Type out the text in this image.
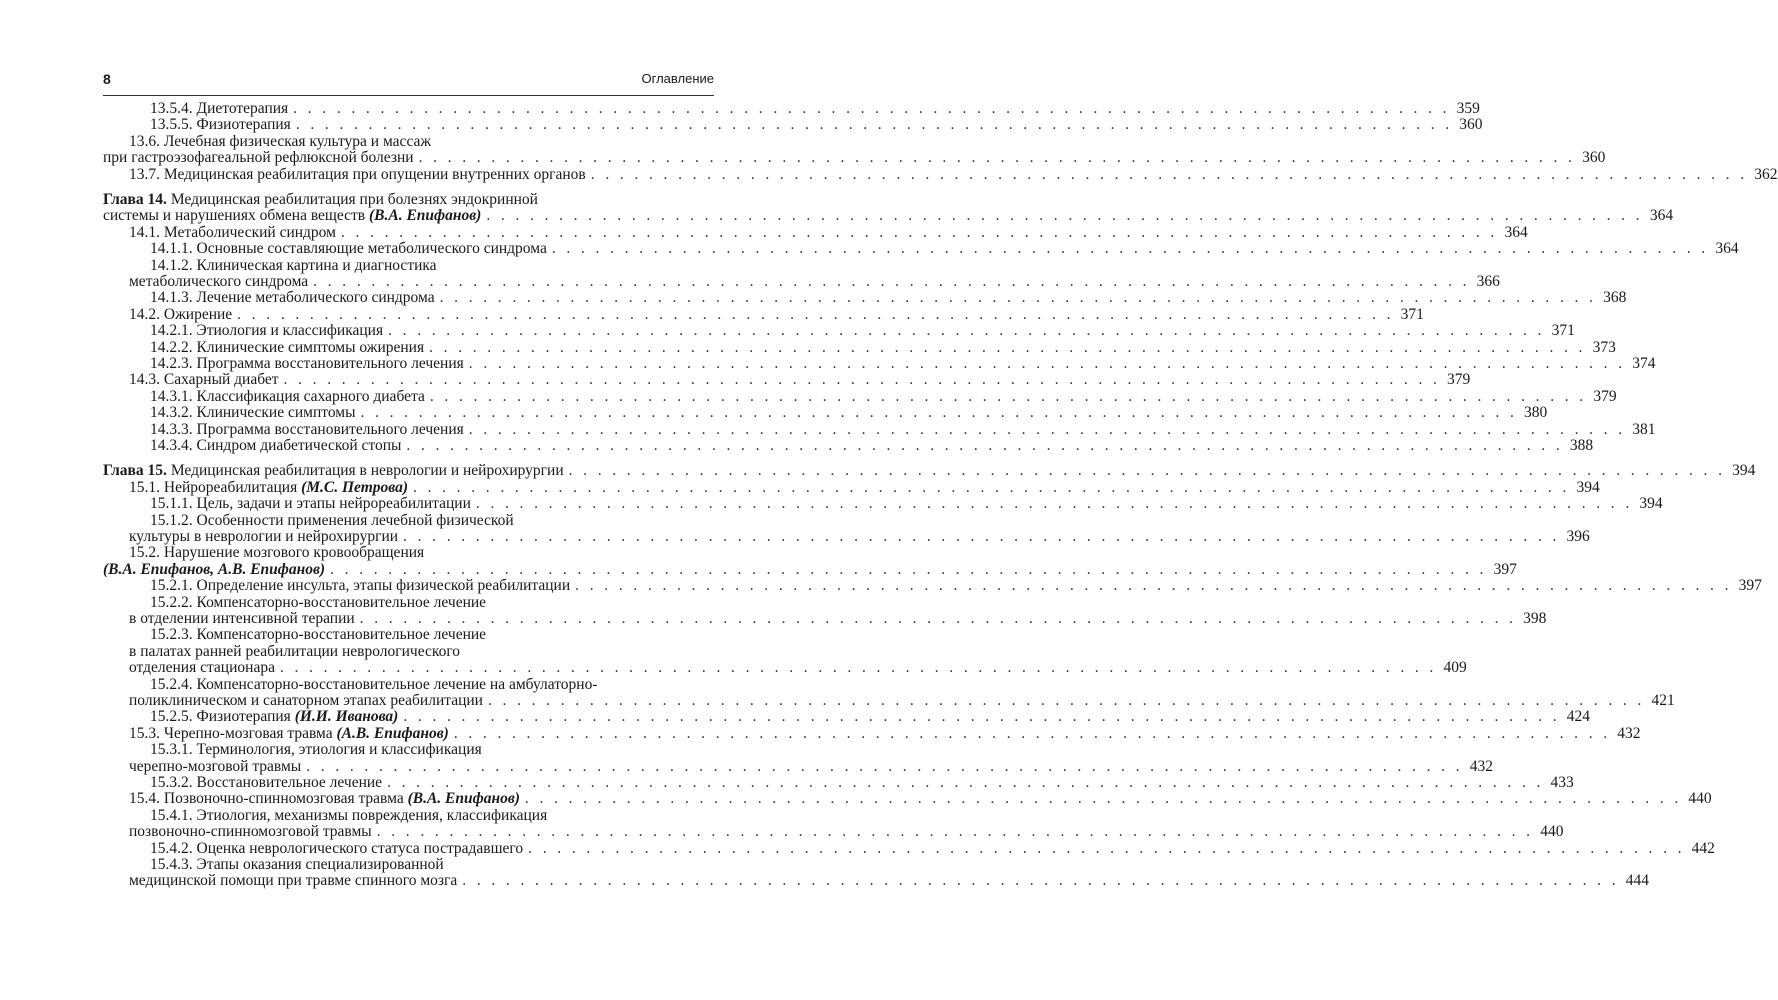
8	Оглавление
13.5.4. Диетотерапия . . . . . . . . . . . . . . . . . . . . . . . . . . . . . . . . . . . . . . . . . . . . . . . . . . . . . . . . . . . . . . . . . . . . . . . . . . . . . . . . 359
13.5.5. Физиотерапия . . . . . . . . . . . . . . . . . . . . . . . . . . . . . . . . . . . . . . . . . . . . . . . . . . . . . . . . . . . . . . . . . . . . . . . . . . . . . . . . 360
13.6. Лечебная физическая культура и массаж
при гастроэзофагеальной рефлюксной болезни . . . . . . . . . . . . . . . . . . . . . . . . . . . . . . . . . . . . . . . . . . . . . . . . . . . . . . . . . . . . . . . . . . . . . . . . . . . . . . . . 360
13.7. Медицинская реабилитация при опущении внутренних органов . . . . . . . . . . . . . . . . . . . . . . . . . . . . . . . . . . . . . . . . . . . . . . . . . . . . . . . . . . . . . . . . . . . . . . . . . . . . . . . . 362
Глава 14. Медицинская реабилитация при болезнях эндокринной
системы и нарушениях обмена веществ (В.А. Епифанов) . . . . . . . . . . . . . . . . . . . . . . . . . . . . . . . . . . . . . . . . . . . . . . . . . . . . . . . . . . . . . . . . . . . . . . . . . . . . . . . . 364
14.1. Метаболический синдром . . . . . . . . . . . . . . . . . . . . . . . . . . . . . . . . . . . . . . . . . . . . . . . . . . . . . . . . . . . . . . . . . . . . . . . . . . . . . . . . 364
14.1.1. Основные составляющие метаболического синдрома . . . . . . . . . . . . . . . . . . . . . . . . . . . . . . . . . . . . . . . . . . . . . . . . . . . . . . . . . . . . . . . . . . . . . . . . . . . . . . . . 364
14.1.2. Клиническая картина и диагностика
метаболического синдрома . . . . . . . . . . . . . . . . . . . . . . . . . . . . . . . . . . . . . . . . . . . . . . . . . . . . . . . . . . . . . . . . . . . . . . . . . . . . . . . . 366
14.1.3. Лечение метаболического синдрома . . . . . . . . . . . . . . . . . . . . . . . . . . . . . . . . . . . . . . . . . . . . . . . . . . . . . . . . . . . . . . . . . . . . . . . . . . . . . . . . 368
14.2. Ожирение . . . . . . . . . . . . . . . . . . . . . . . . . . . . . . . . . . . . . . . . . . . . . . . . . . . . . . . . . . . . . . . . . . . . . . . . . . . . . . . . 371
14.2.1. Этиология и классификация . . . . . . . . . . . . . . . . . . . . . . . . . . . . . . . . . . . . . . . . . . . . . . . . . . . . . . . . . . . . . . . . . . . . . . . . . . . . . . . . 371
14.2.2. Клинические симптомы ожирения . . . . . . . . . . . . . . . . . . . . . . . . . . . . . . . . . . . . . . . . . . . . . . . . . . . . . . . . . . . . . . . . . . . . . . . . . . . . . . . . 373
14.2.3. Программа восстановительного лечения . . . . . . . . . . . . . . . . . . . . . . . . . . . . . . . . . . . . . . . . . . . . . . . . . . . . . . . . . . . . . . . . . . . . . . . . . . . . . . . . 374
14.3. Сахарный диабет . . . . . . . . . . . . . . . . . . . . . . . . . . . . . . . . . . . . . . . . . . . . . . . . . . . . . . . . . . . . . . . . . . . . . . . . . . . . . . . . 379
14.3.1. Классификация сахарного диабета . . . . . . . . . . . . . . . . . . . . . . . . . . . . . . . . . . . . . . . . . . . . . . . . . . . . . . . . . . . . . . . . . . . . . . . . . . . . . . . . 379
14.3.2. Клинические симптомы . . . . . . . . . . . . . . . . . . . . . . . . . . . . . . . . . . . . . . . . . . . . . . . . . . . . . . . . . . . . . . . . . . . . . . . . . . . . . . . . 380
14.3.3. Программа восстановительного лечения . . . . . . . . . . . . . . . . . . . . . . . . . . . . . . . . . . . . . . . . . . . . . . . . . . . . . . . . . . . . . . . . . . . . . . . . . . . . . . . . 381
14.3.4. Синдром диабетической стопы . . . . . . . . . . . . . . . . . . . . . . . . . . . . . . . . . . . . . . . . . . . . . . . . . . . . . . . . . . . . . . . . . . . . . . . . . . . . . . . . 388
Глава 15. Медицинская реабилитация в неврологии и нейрохирургии . . . . . . . . . . . . . . . . . . . . . . . . . . . . . . . . . . . . . . . . . . . . . . . . . . . . . . . . . . . . . . . . . . . . . . . . . . . . . . . . 394
15.1. Нейрореабилитация (М.С. Петрова) . . . . . . . . . . . . . . . . . . . . . . . . . . . . . . . . . . . . . . . . . . . . . . . . . . . . . . . . . . . . . . . . . . . . . . . . . . . . . . . . 394
15.1.1. Цель, задачи и этапы нейрореабилитации . . . . . . . . . . . . . . . . . . . . . . . . . . . . . . . . . . . . . . . . . . . . . . . . . . . . . . . . . . . . . . . . . . . . . . . . . . . . . . . . 394
15.1.2. Особенности применения лечебной физической
культуры в неврологии и нейрохирургии . . . . . . . . . . . . . . . . . . . . . . . . . . . . . . . . . . . . . . . . . . . . . . . . . . . . . . . . . . . . . . . . . . . . . . . . . . . . . . . . 396
15.2. Нарушение мозгового кровообращения
(В.А. Епифанов, А.В. Епифанов) . . . . . . . . . . . . . . . . . . . . . . . . . . . . . . . . . . . . . . . . . . . . . . . . . . . . . . . . . . . . . . . . . . . . . . . . . . . . . . . . 397
15.2.1. Определение инсульта, этапы физической реабилитации . . . . . . . . . . . . . . . . . . . . . . . . . . . . . . . . . . . . . . . . . . . . . . . . . . . . . . . . . . . . . . . . . . . . . . . . . . . . . . . . 397
15.2.2. Компенсаторно-восстановительное лечение
в отделении интенсивной терапии . . . . . . . . . . . . . . . . . . . . . . . . . . . . . . . . . . . . . . . . . . . . . . . . . . . . . . . . . . . . . . . . . . . . . . . . . . . . . . . . 398
15.2.3. Компенсаторно-восстановительное лечение
в палатах ранней реабилитации неврологического
отделения стационара . . . . . . . . . . . . . . . . . . . . . . . . . . . . . . . . . . . . . . . . . . . . . . . . . . . . . . . . . . . . . . . . . . . . . . . . . . . . . . . . 409
15.2.4. Компенсаторно-восстановительное лечение на амбулаторно-
поликлиническом и санаторном этапах реабилитации . . . . . . . . . . . . . . . . . . . . . . . . . . . . . . . . . . . . . . . . . . . . . . . . . . . . . . . . . . . . . . . . . . . . . . . . . . . . . . . . 421
15.2.5. Физиотерапия (И.И. Иванова) . . . . . . . . . . . . . . . . . . . . . . . . . . . . . . . . . . . . . . . . . . . . . . . . . . . . . . . . . . . . . . . . . . . . . . . . . . . . . . . . 424
15.3. Черепно-мозговая травма (А.В. Епифанов) . . . . . . . . . . . . . . . . . . . . . . . . . . . . . . . . . . . . . . . . . . . . . . . . . . . . . . . . . . . . . . . . . . . . . . . . . . . . . . . . 432
15.3.1. Терминология, этиология и классификация
черепно-мозговой травмы . . . . . . . . . . . . . . . . . . . . . . . . . . . . . . . . . . . . . . . . . . . . . . . . . . . . . . . . . . . . . . . . . . . . . . . . . . . . . . . . 432
15.3.2. Восстановительное лечение . . . . . . . . . . . . . . . . . . . . . . . . . . . . . . . . . . . . . . . . . . . . . . . . . . . . . . . . . . . . . . . . . . . . . . . . . . . . . . . . 433
15.4. Позвоночно-спинномозговая травма (В.А. Епифанов) . . . . . . . . . . . . . . . . . . . . . . . . . . . . . . . . . . . . . . . . . . . . . . . . . . . . . . . . . . . . . . . . . . . . . . . . . . . . . . . . 440
15.4.1. Этиология, механизмы повреждения, классификация
позвоночно-спинномозговой травмы . . . . . . . . . . . . . . . . . . . . . . . . . . . . . . . . . . . . . . . . . . . . . . . . . . . . . . . . . . . . . . . . . . . . . . . . . . . . . . . . 440
15.4.2. Оценка неврологического статуса пострадавшего . . . . . . . . . . . . . . . . . . . . . . . . . . . . . . . . . . . . . . . . . . . . . . . . . . . . . . . . . . . . . . . . . . . . . . . . . . . . . . . . 442
15.4.3. Этапы оказания специализированной
медицинской помощи при травме спинного мозга . . . . . . . . . . . . . . . . . . . . . . . . . . . . . . . . . . . . . . . . . . . . . . . . . . . . . . . . . . . . . . . . . . . . . . . . . . . . . . . . 444
